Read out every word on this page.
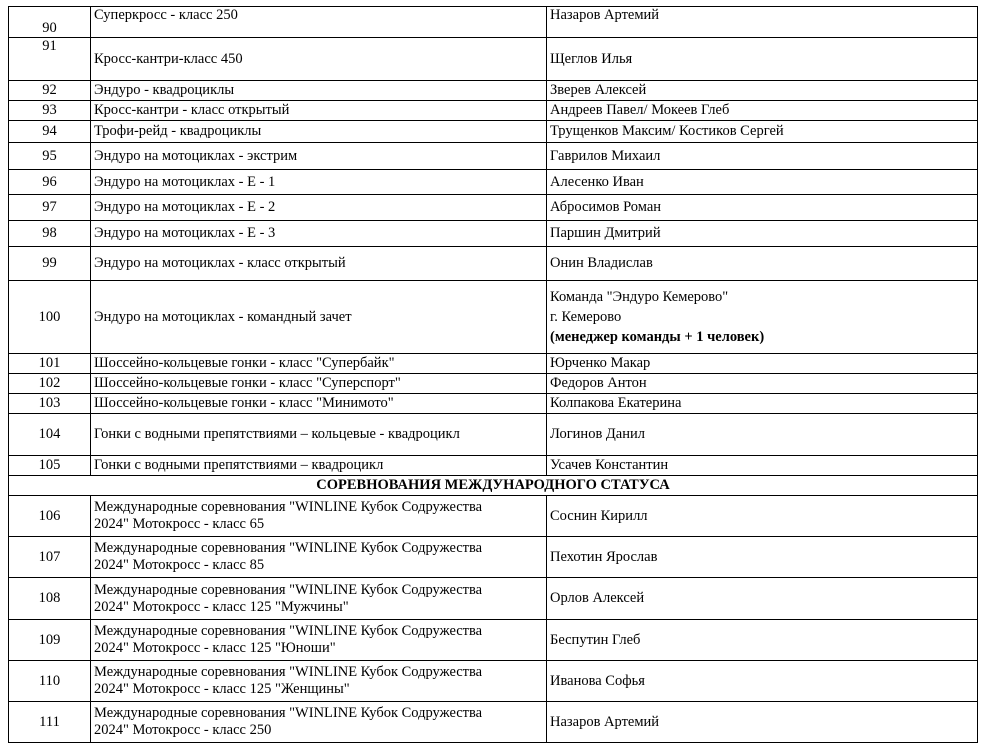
90	Суперкросс - класс 250	Назаров Артемий
91	Кросс-кантри-класс 450	Щеглов Илья
92	Эндуро - квадроциклы	Зверев Алексей
93	Кросс-кантри - класс открытый	Андреев Павел/ Мокеев Глеб
94	Трофи-рейд - квадроциклы	Трущенков Максим/ Костиков Сергей
95	Эндуро на мотоциклах - экстрим	Гаврилов Михаил
96	Эндуро на мотоциклах - Е - 1	Алесенко Иван
97	Эндуро на мотоциклах - Е - 2	Абросимов Роман
98	Эндуро на мотоциклах - Е - 3	Паршин Дмитрий
99	Эндуро на мотоциклах - класс открытый	Онин Владислав
100	Эндуро на мотоциклах - командный зачет	Команда "Эндуро Кемерово"
г. Кемерово
(менеджер команды + 1 человек)

101	Шоссейно-кольцевые гонки - класс "Супербайк"	Юрченко Макар
102	Шоссейно-кольцевые гонки - класс "Суперспорт"	Федоров Антон
103	Шоссейно-кольцевые гонки - класс "Минимото"	Колпакова Екатерина
104	Гонки с водными препятствиями – кольцевые - квадроцикл	Логинов Данил
105	Гонки с водными препятствиями – квадроцикл	Усачев Константин
СОРЕВНОВАНИЯ МЕЖДУНАРОДНОГО СТАТУСА		
106	Международные соревнования "WINLINE Кубок Содружества
2024" Мотокросс - класс 65	Соснин Кирилл
107	Международные соревнования "WINLINE Кубок Содружества
2024" Мотокросс - класс 85	Пехотин Ярослав
108	Международные соревнования "WINLINE Кубок Содружества
2024" Мотокросс - класс 125 "Мужчины"	Орлов Алексей
109	Международные соревнования "WINLINE Кубок Содружества
2024" Мотокросс - класс 125 "Юноши"	Беспутин Глеб
110	Международные соревнования "WINLINE Кубок Содружества
2024" Мотокросс - класс 125 "Женщины"	Иванова Софья
111	Международные соревнования "WINLINE Кубок Содружества
2024" Мотокросс - класс 250	Назаров Артемий
